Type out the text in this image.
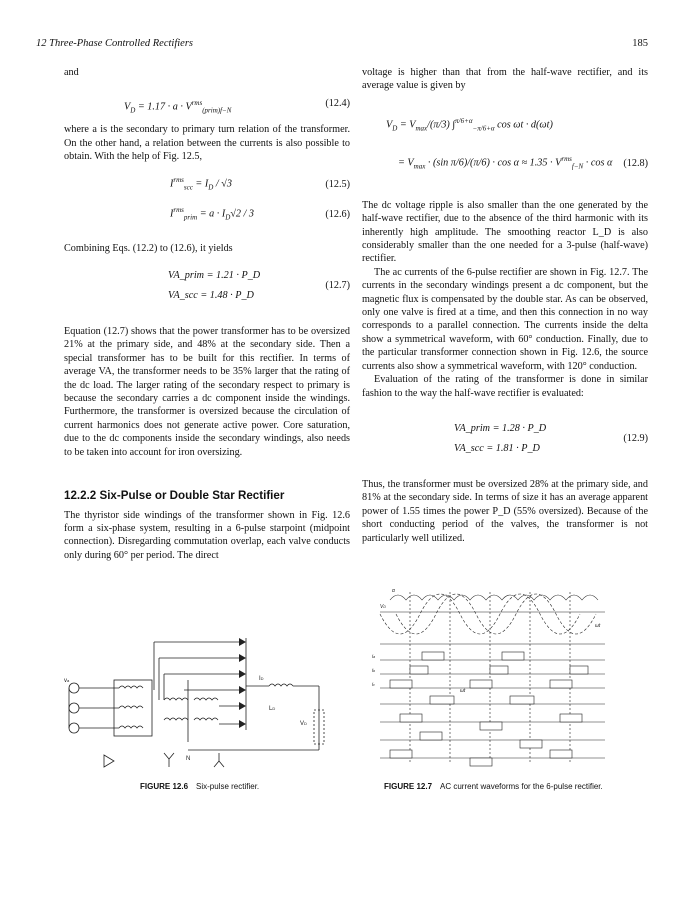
12 Three-Phase Controlled Rectifiers	185

and

$V_D = 1.17 \cdot a \cdot V^{rms}_{(prim)f-N}$
(12.4)

where a is the secondary to primary turn relation of the transformer. On the other hand, a relation between the currents is also possible to obtain. With the help of Fig. 12.5,

$I^{rms}_{scc} = I_D / √3$	(12.5)
$I^{rms}_{prim} = a \cdot I_D√2 / 3$	(12.6)

Combining Eqs. (12.2) to (12.6), it yields

VA_prim = 1.21 · P_D
VA_scc = 1.48 · P_D
(12.7)

Equation (12.7) shows that the power transformer has to be oversized 21% at the primary side, and 48% at the secondary side. Then a special transformer has to be built for this rectifier. In terms of average VA, the transformer needs to be 35% larger that the rating of the dc load. The larger rating of the secondary respect to primary is because the secondary carries a dc component inside the windings. Furthermore, the transformer is oversized because the circulation of current harmonics does not generate active power. Core saturation, due to the dc components inside the secondary windings, also needs to be taken into account for iron oversizing.

12.2.2 Six-Pulse or Double Star Rectifier

The thyristor side windings of the transformer shown in Fig. 12.6 form a six-phase system, resulting in a 6-pulse starpoint (midpoint connection). Disregarding commutation overlap, each valve conducts only during 60° per period. The direct

va	ID
VD
LD
N
FIGURE 12.6 Six-pulse rectifier.

voltage is higher than that from the half-wave rectifier, and its average value is given by

$V_D = V_{max}/(\pi/3)$ ∫$^{\pi/6+\alpha}_{-\pi/6+\alpha}$ cos ωt · d(ωt)
= $V_{max} \cdot (\sin$ $\pi/6)/(\pi/6) \cdot \cos \alpha \approx 1.35 \cdot V^{rms}_{f-N} \cdot \cos \alpha$ (12.8)

The dc voltage ripple is also smaller than the one generated by the half-wave rectifier, due to the absence of the third harmonic with its inherently high amplitude. The smoothing reactor L_D is also considerably smaller than the one needed for a 3-pulse (half-wave) rectifier.

The ac currents of the 6-pulse rectifier are shown in Fig. 12.7. The currents in the secondary windings present a dc component, but the magnetic flux is compensated by the double star. As can be observed, only one valve is fired at a time, and then this connection in no way corresponds to a parallel connection. The currents inside the delta show a symmetrical waveform, with 60° conduction. Finally, due to the particular transformer connection shown in Fig. 12.6, the source currents also show a symmetrical waveform, with 120° conduction.

Evaluation of the rating of the transformer is done in similar fashion to the way the half-wave rectifier is evaluated:

VA_prim = 1.28 · P_D
VA_scc = 1.81 · P_D
(12.9)

Thus, the transformer must be oversized 28% at the primary side, and 81% at the secondary side. In terms of size it has an average apparent power of 1.55 times the power P_D (55% oversized). Because of the short conducting period of the valves, the transformer is not particularly well utilized.

α
VD
ωt
ia
ib
ic
ωt
FIGURE 12.7 AC current waveforms for the 6-pulse rectifier.
